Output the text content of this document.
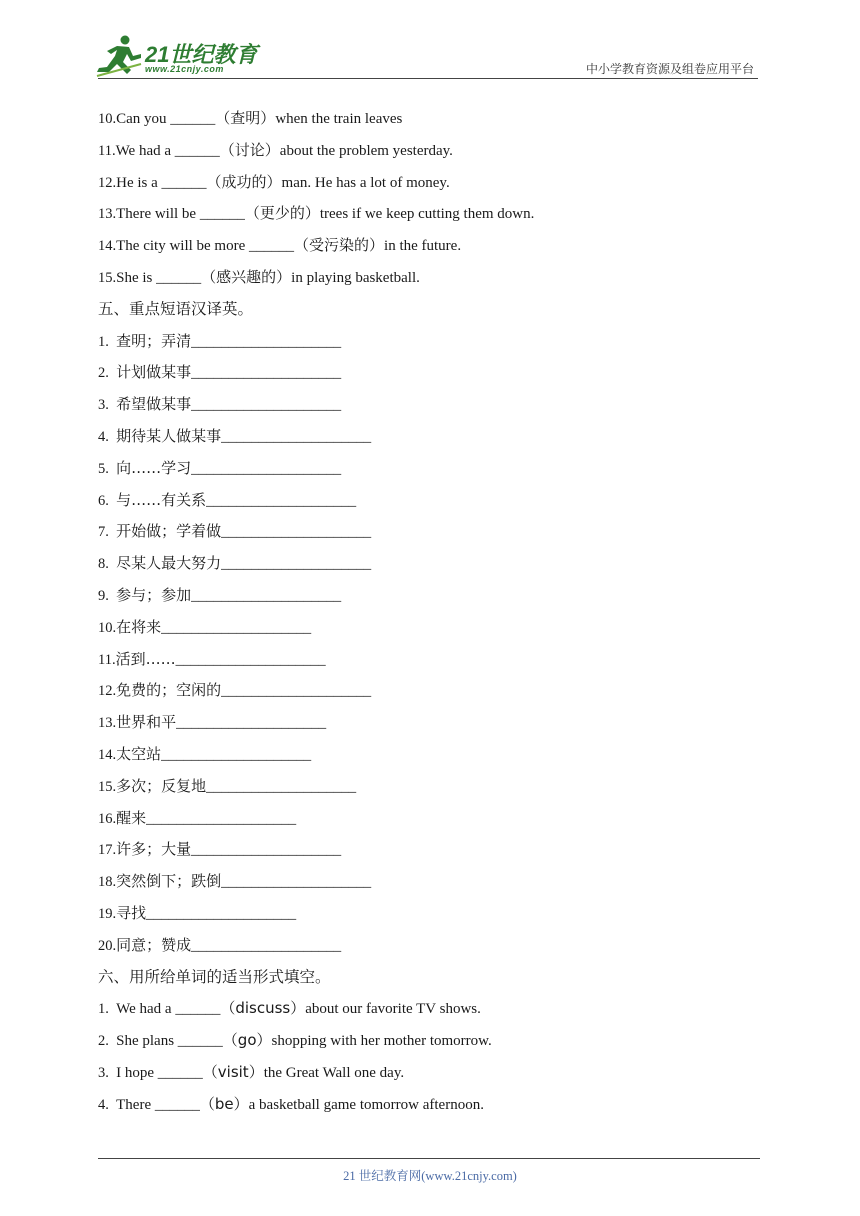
21世纪教育
www.21cnjy.com	中小学教育资源及组卷应用平台
10.Can you ______（查明）when the train leaves
11.We had a ______（讨论）about the problem yesterday.
12.He is a ______（成功的）man. He has a lot of money.
13.There will be ______（更少的）trees if we keep cutting them down.
14.The city will be more ______（受污染的）in the future.
15.She is ______（感兴趣的）in playing basketball.
五、重点短语汉译英。
1.  查明；弄清____________________
2.  计划做某事____________________
3.  希望做某事____________________
4.  期待某人做某事____________________
5.  向……学习____________________
6.  与……有关系____________________
7.  开始做；学着做____________________
8.  尽某人最大努力____________________
9.  参与；参加____________________
10.在将来____________________
11.活到……____________________
12.免费的；空闲的____________________
13.世界和平____________________
14.太空站____________________
15.多次；反复地____________________
16.醒来____________________
17.许多；大量____________________
18.突然倒下；跌倒____________________
19.寻找____________________
20.同意；赞成____________________
六、用所给单词的适当形式填空。
1.  We had a ______（discuss）about our favorite TV shows.
2.  She plans ______（go）shopping with her mother tomorrow.
3.  I hope ______（visit）the Great Wall one day.
4.  There ______（be）a basketball game tomorrow afternoon.
21 世纪教育网(www.21cnjy.com)
